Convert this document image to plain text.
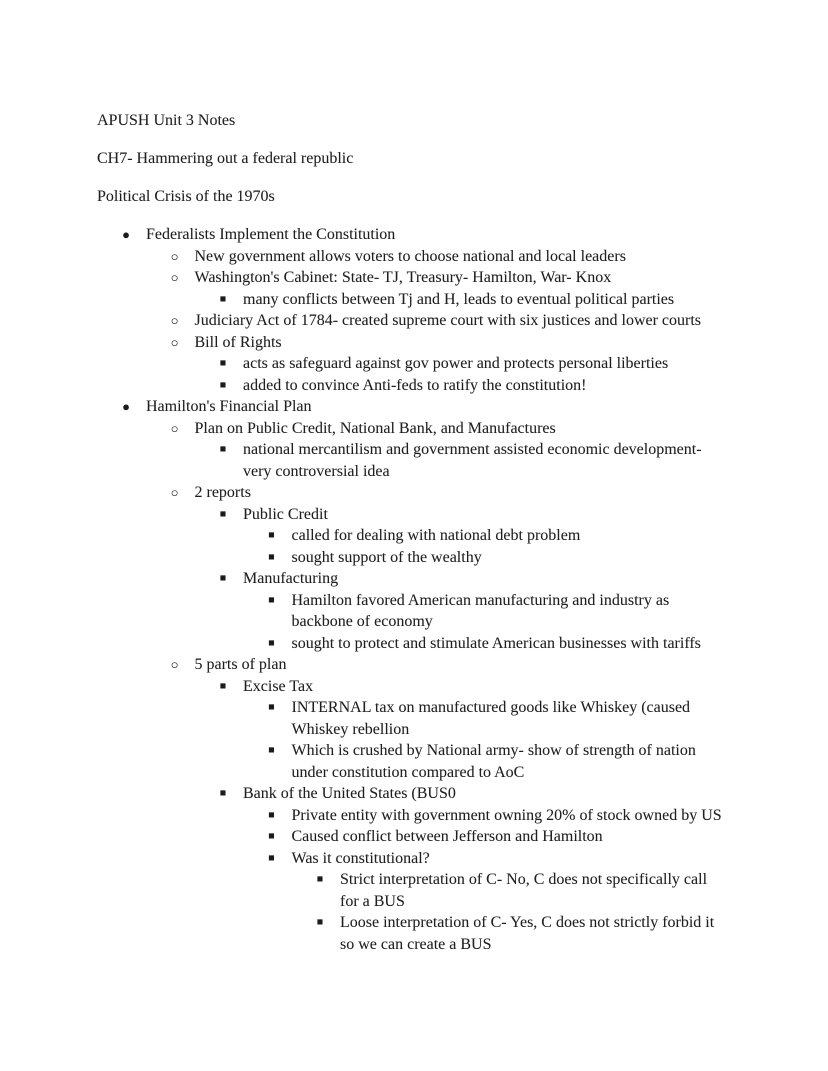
APUSH Unit 3 Notes

CH7- Hammering out a federal republic

Political Crisis of the 1970s

● Federalists Implement the Constitution
○ New government allows voters to choose national and local leaders
○ Washington's Cabinet: State- TJ, Treasury- Hamilton, War- Knox
■ many conflicts between Tj and H, leads to eventual political parties
○ Judiciary Act of 1784- created supreme court with six justices and lower courts
○ Bill of Rights
■ acts as safeguard against gov power and protects personal liberties
■ added to convince Anti-feds to ratify the constitution!
● Hamilton's Financial Plan
○ Plan on Public Credit, National Bank, and Manufactures
■ national mercantilism and government assisted economic development-
very controversial idea
○ 2 reports
■ Public Credit
■ called for dealing with national debt problem
■ sought support of the wealthy
■ Manufacturing
■ Hamilton favored American manufacturing and industry as
backbone of economy
■ sought to protect and stimulate American businesses with tariffs
○ 5 parts of plan
■ Excise Tax
■ INTERNAL tax on manufactured goods like Whiskey (caused
Whiskey rebellion
■ Which is crushed by National army- show of strength of nation
under constitution compared to AoC
■ Bank of the United States (BUS0
■ Private entity with government owning 20% of stock owned by US
■ Caused conflict between Jefferson and Hamilton
■ Was it constitutional?
■ Strict interpretation of C- No, C does not specifically call
for a BUS
■ Loose interpretation of C- Yes, C does not strictly forbid it
so we can create a BUS
